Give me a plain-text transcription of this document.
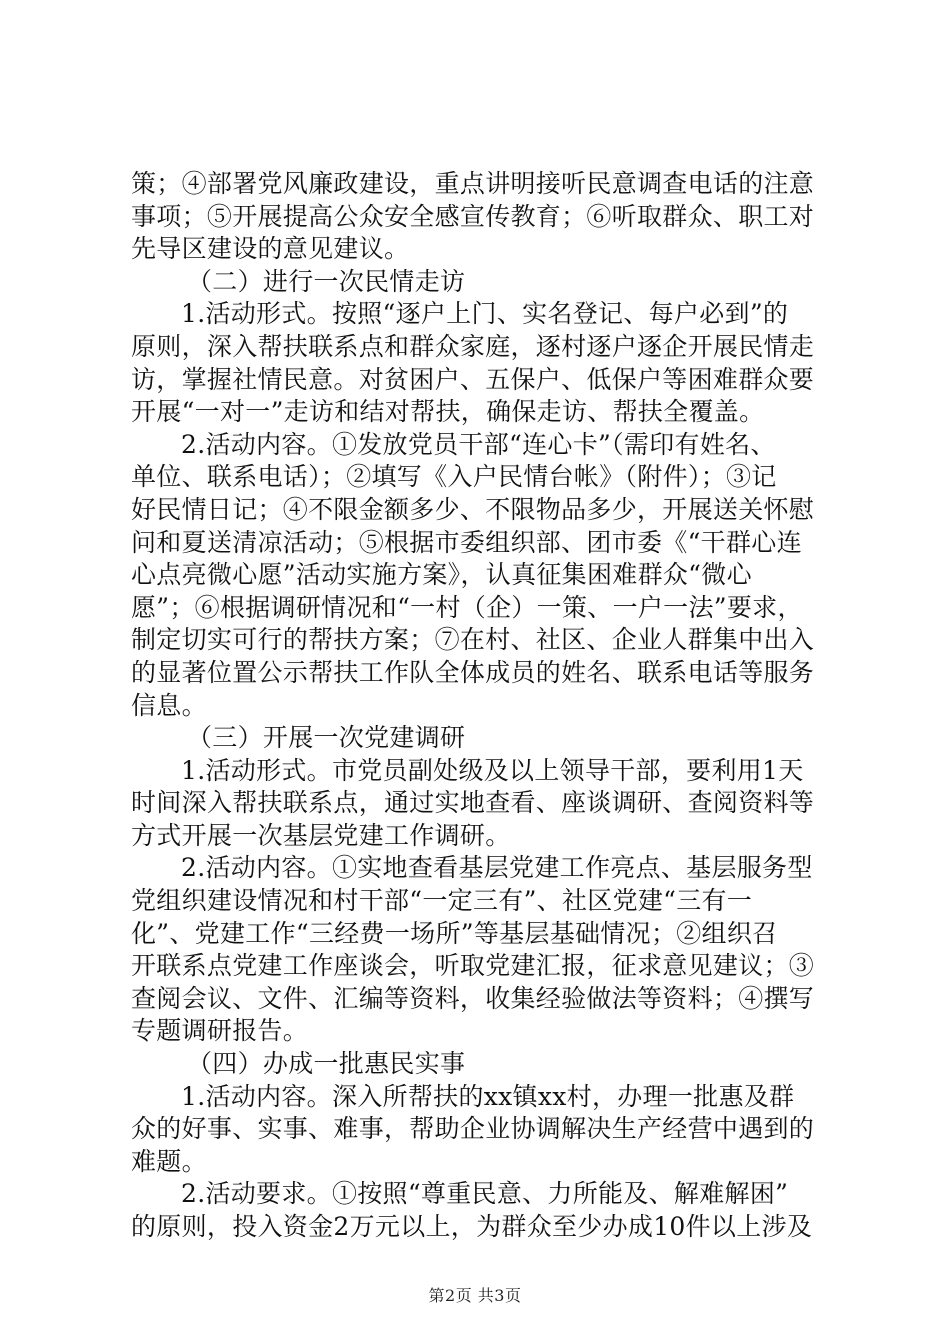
策；④部署党风廉政建设，重点讲明接听民意调查电话的注意
事项；⑤开展提高公众安全感宣传教育；⑥听取群众、职工对
先导区建设的意见建议。
（二）进行一次民情走访
1.活动形式。按照“逐户上门、实名登记、每户必到”的
原则，深入帮扶联系点和群众家庭，逐村逐户逐企开展民情走
访，掌握社情民意。对贫困户、五保户、低保户等困难群众要
开展“一对一”走访和结对帮扶，确保走访、帮扶全覆盖。
2.活动内容。①发放党员干部“连心卡”（需印有姓名、
单位、联系电话）；②填写《入户民情台帐》（附件）；③记
好民情日记；④不限金额多少、不限物品多少，开展送关怀慰
问和夏送清凉活动；⑤根据市委组织部、团市委《“干群心连
心点亮微心愿”活动实施方案》，认真征集困难群众“微心
愿”；⑥根据调研情况和“一村（企）一策、一户一法”要求，
制定切实可行的帮扶方案；⑦在村、社区、企业人群集中出入
的显著位置公示帮扶工作队全体成员的姓名、联系电话等服务
信息。
（三）开展一次党建调研
1.活动形式。市党员副处级及以上领导干部，要利用1天
时间深入帮扶联系点，通过实地查看、座谈调研、查阅资料等
方式开展一次基层党建工作调研。
2.活动内容。①实地查看基层党建工作亮点、基层服务型
党组织建设情况和村干部“一定三有”、社区党建“三有一
化”、党建工作“三经费一场所”等基层基础情况；②组织召
开联系点党建工作座谈会，听取党建汇报，征求意见建议；③
查阅会议、文件、汇编等资料，收集经验做法等资料；④撰写
专题调研报告。
（四）办成一批惠民实事
1.活动内容。深入所帮扶的xx镇xx村，办理一批惠及群
众的好事、实事、难事，帮助企业协调解决生产经营中遇到的
难题。
2.活动要求。①按照“尊重民意、力所能及、解难解困”
的原则，投入资金2万元以上，为群众至少办成10件以上涉及
第2页 共3页
